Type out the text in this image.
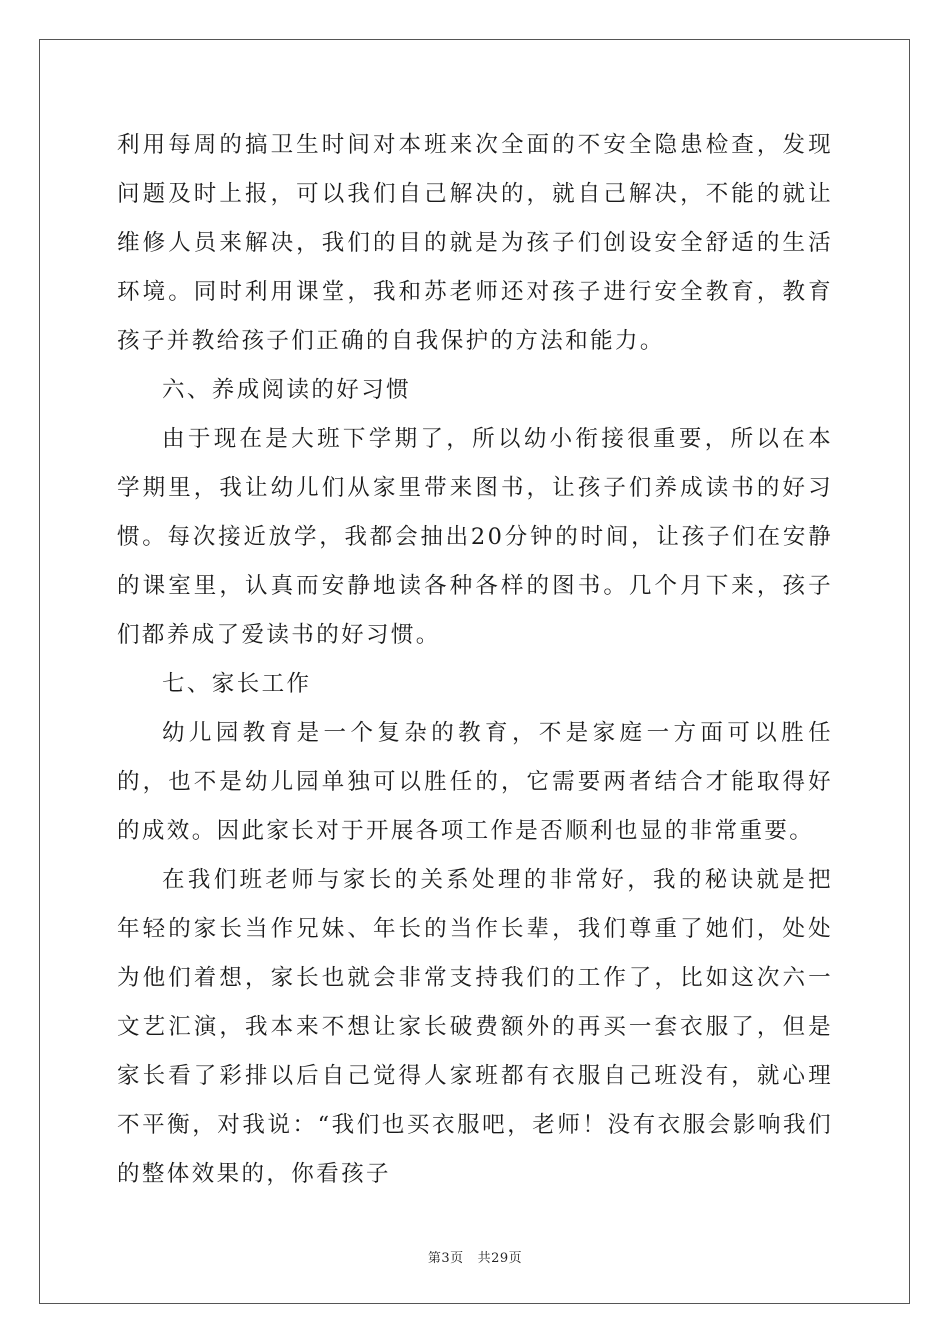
利用每周的搞卫生时间对本班来次全面的不安全隐患检查，发现问题及时上报，可以我们自己解决的，就自己解决，不能的就让维修人员来解决，我们的目的就是为孩子们创设安全舒适的生活环境。同时利用课堂，我和苏老师还对孩子进行安全教育，教育孩子并教给孩子们正确的自我保护的方法和能力。

六、养成阅读的好习惯

由于现在是大班下学期了，所以幼小衔接很重要，所以在本学期里，我让幼儿们从家里带来图书，让孩子们养成读书的好习惯。每次接近放学，我都会抽出20分钟的时间，让孩子们在安静的课室里，认真而安静地读各种各样的图书。几个月下来，孩子们都养成了爱读书的好习惯。

七、家长工作

幼儿园教育是一个复杂的教育，不是家庭一方面可以胜任的，也不是幼儿园单独可以胜任的，它需要两者结合才能取得好的成效。因此家长对于开展各项工作是否顺利也显的非常重要。

在我们班老师与家长的关系处理的非常好，我的秘诀就是把年轻的家长当作兄妹、年长的当作长辈，我们尊重了她们，处处为他们着想，家长也就会非常支持我们的工作了，比如这次六一文艺汇演，我本来不想让家长破费额外的再买一套衣服了，但是家长看了彩排以后自己觉得人家班都有衣服自己班没有，就心理不平衡，对我说：“我们也买衣服吧，老师！没有衣服会影响我们的整体效果的，你看孩子

第3页 共29页
